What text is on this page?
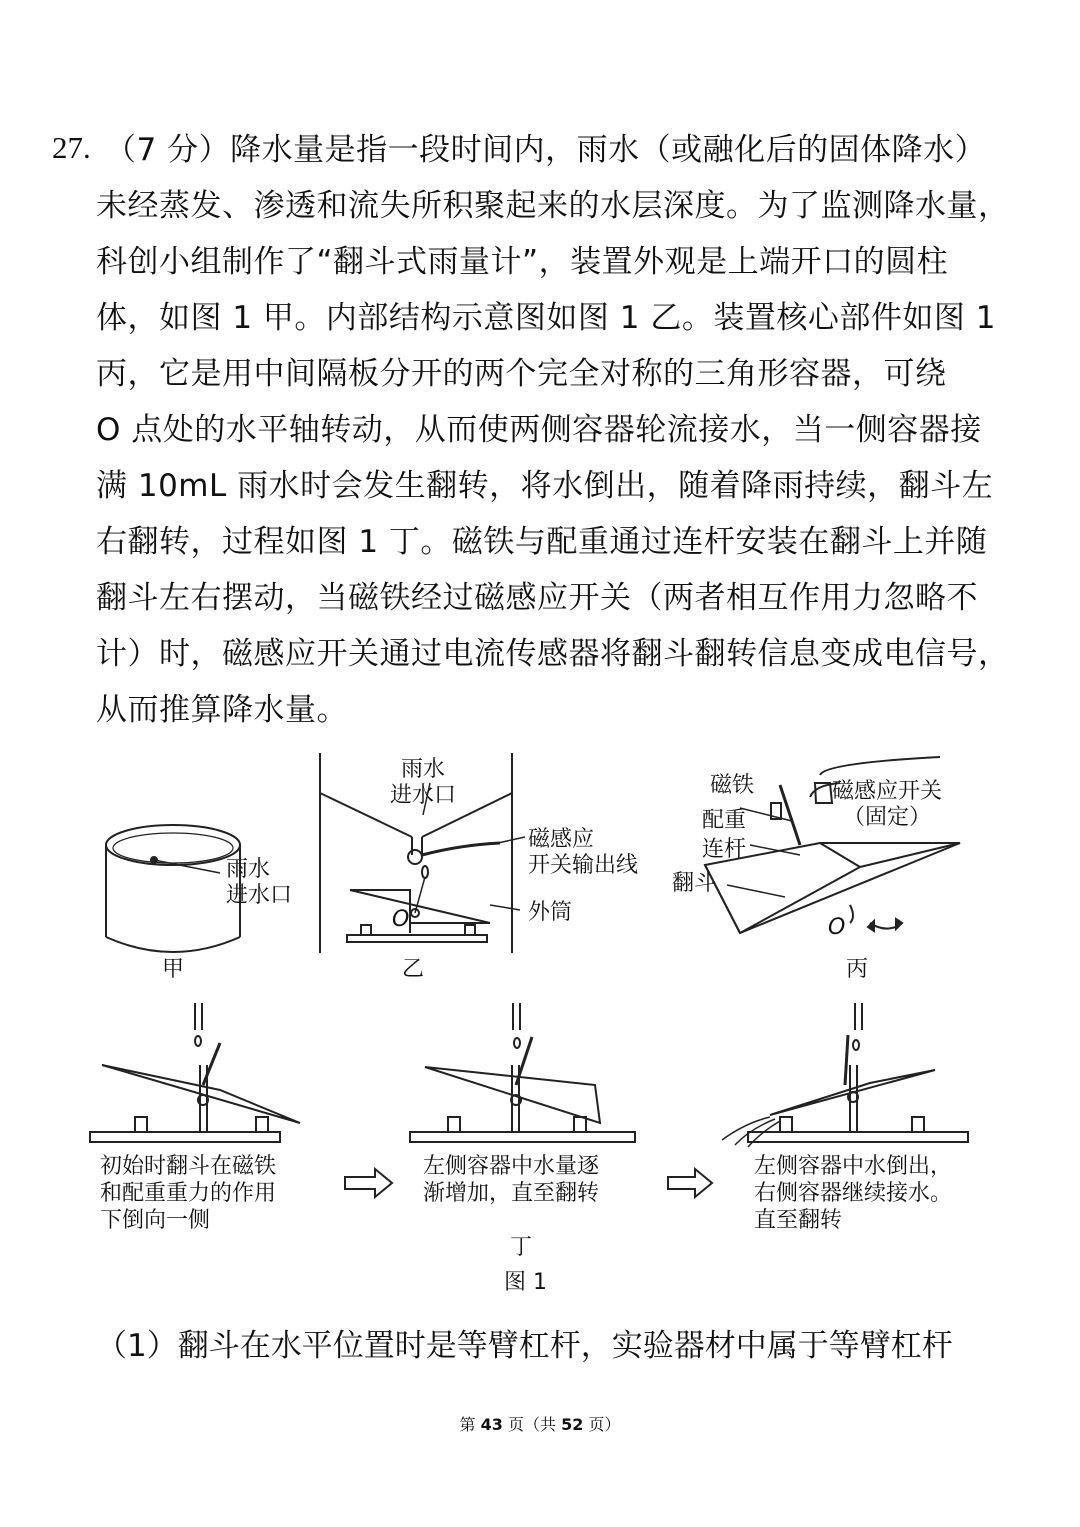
27. （7 分）降水量是指一段时间内，雨水（或融化后的固体降水）
未经蒸发、渗透和流失所积聚起来的水层深度。为了监测降水量，
科创小组制作了“翻斗式雨量计”，装置外观是上端开口的圆柱
体，如图 1 甲。内部结构示意图如图 1 乙。装置核心部件如图 1
丙，它是用中间隔板分开的两个完全对称的三角形容器，可绕
O 点处的水平轴转动，从而使两侧容器轮流接水，当一侧容器接
满 10mL 雨水时会发生翻转，将水倒出，随着降雨持续，翻斗左
右翻转，过程如图 1 丁。磁铁与配重通过连杆安装在翻斗上并随
翻斗左右摆动，当磁铁经过磁感应开关（两者相互作用力忽略不
计）时，磁感应开关通过电流传感器将翻斗翻转信息变成电信号，
从而推算降水量。
雨水
进水口
甲
雨水
进水口
磁感应
开关输出线
外筒
O
乙
磁铁
配重
连杆
翻斗
磁感应开关
（固定）
O
丙
初始时翻斗在磁铁
和配重重力的作用
下倒向一侧
左侧容器中水量逐
渐增加，直至翻转
左侧容器中水倒出，
右侧容器继续接水。
直至翻转
丁
图 1
（1）翻斗在水平位置时是等臂杠杆，实验器材中属于等臂杠杆
第 43 页（共 52 页）
